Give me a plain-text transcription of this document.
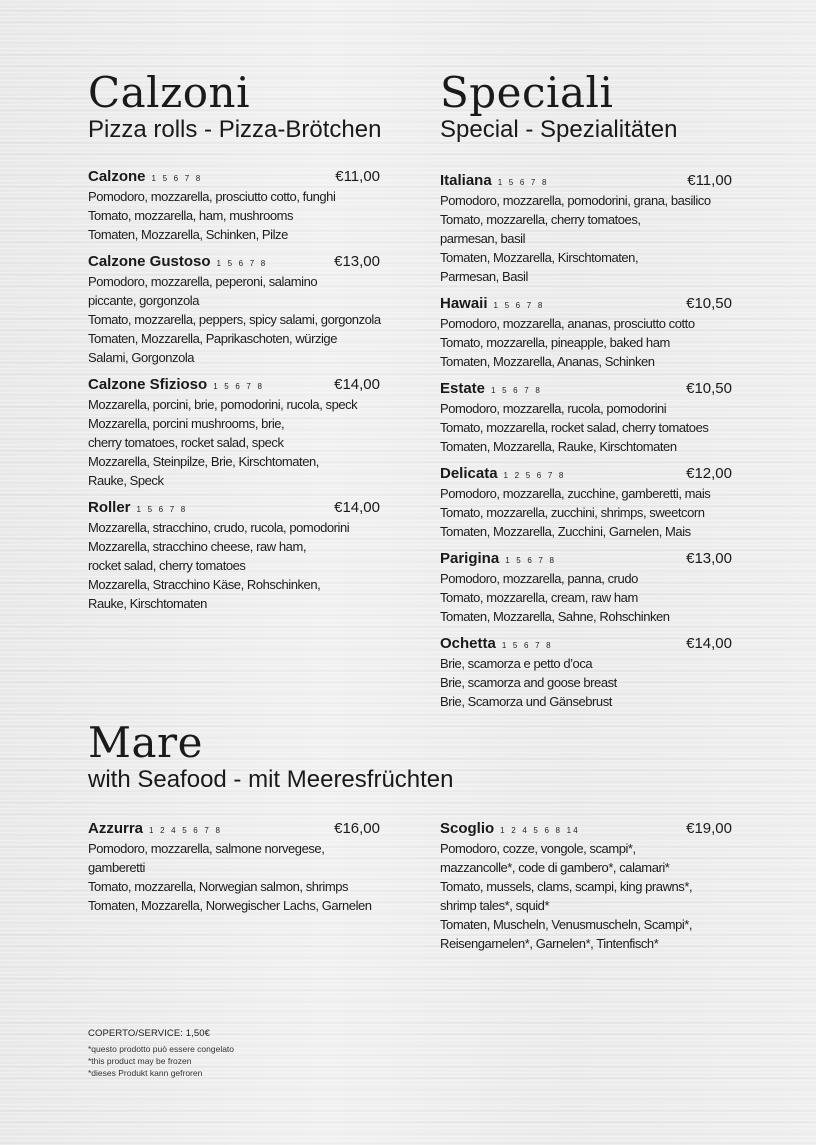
Calzoni
Pizza rolls - Pizza-Brötchen
Speciali
Special - Spezialitäten
Calzone 1 5 6 7 8	€11,00
Pomodoro, mozzarella, prosciutto cotto, funghi
Tomato, mozzarella, ham, mushrooms
Tomaten, Mozzarella, Schinken, Pilze
Calzone Gustoso 1 5 6 7 8	€13,00
Pomodoro, mozzarella, peperoni, salamino
piccante, gorgonzola
Tomato, mozzarella, peppers, spicy salami, gorgonzola
Tomaten, Mozzarella, Paprikaschoten, würzige
Salami, Gorgonzola
Calzone Sfizioso 1 5 6 7 8	€14,00
Mozzarella, porcini, brie, pomodorini, rucola, speck
Mozzarella, porcini mushrooms, brie,
cherry tomatoes, rocket salad, speck
Mozzarella, Steinpilze, Brie, Kirschtomaten,
Rauke, Speck
Roller 1 5 6 7 8	€14,00
Mozzarella, stracchino, crudo, rucola, pomodorini
Mozzarella, stracchino cheese, raw ham,
rocket salad, cherry tomatoes
Mozzarella, Stracchino Käse, Rohschinken,
Rauke, Kirschtomaten
Italiana 1 5 6 7 8	€11,00
Pomodoro, mozzarella, pomodorini, grana, basilico
Tomato, mozzarella, cherry tomatoes,
parmesan, basil
Tomaten, Mozzarella, Kirschtomaten,
Parmesan, Basil
Hawaii 1 5 6 7 8	€10,50
Pomodoro, mozzarella, ananas, prosciutto cotto
Tomato, mozzarella, pineapple, baked ham
Tomaten, Mozzarella, Ananas, Schinken
Estate 1 5 6 7 8	€10,50
Pomodoro, mozzarella, rucola, pomodorini
Tomato, mozzarella, rocket salad, cherry tomatoes
Tomaten, Mozzarella, Rauke, Kirschtomaten
Delicata 1 2 5 6 7 8	€12,00
Pomodoro, mozzarella, zucchine, gamberetti, mais
Tomato, mozzarella, zucchini, shrimps, sweetcorn
Tomaten, Mozzarella, Zucchini, Garnelen, Mais
Parigina 1 5 6 7 8	€13,00
Pomodoro, mozzarella, panna, crudo
Tomato, mozzarella, cream, raw ham
Tomaten, Mozzarella, Sahne, Rohschinken
Ochetta 1 5 6 7 8	€14,00
Brie, scamorza e petto d’oca
Brie, scamorza and goose breast
Brie, Scamorza und Gänsebrust
Mare
with Seafood - mit Meeresfrüchten
Azzurra 1 2 4 5 6 7 8	€16,00
Pomodoro, mozzarella, salmone norvegese,
gamberetti
Tomato, mozzarella, Norwegian salmon, shrimps
Tomaten, Mozzarella, Norwegischer Lachs, Garnelen
Scoglio 1 2 4 5 6 8 14	€19,00
Pomodoro, cozze, vongole, scampi*,
mazzancolle*, code di gambero*, calamari*
Tomato, mussels, clams, scampi, king prawns*,
shrimp tales*, squid*
Tomaten, Muscheln, Venusmuscheln, Scampi*,
Reisengarnelen*, Garnelen*, Tintenfisch*
COPERTO/SERVICE: 1,50€
*questo prodotto può essere congelato
*this product may be frozen
*dieses Produkt kann gefroren
